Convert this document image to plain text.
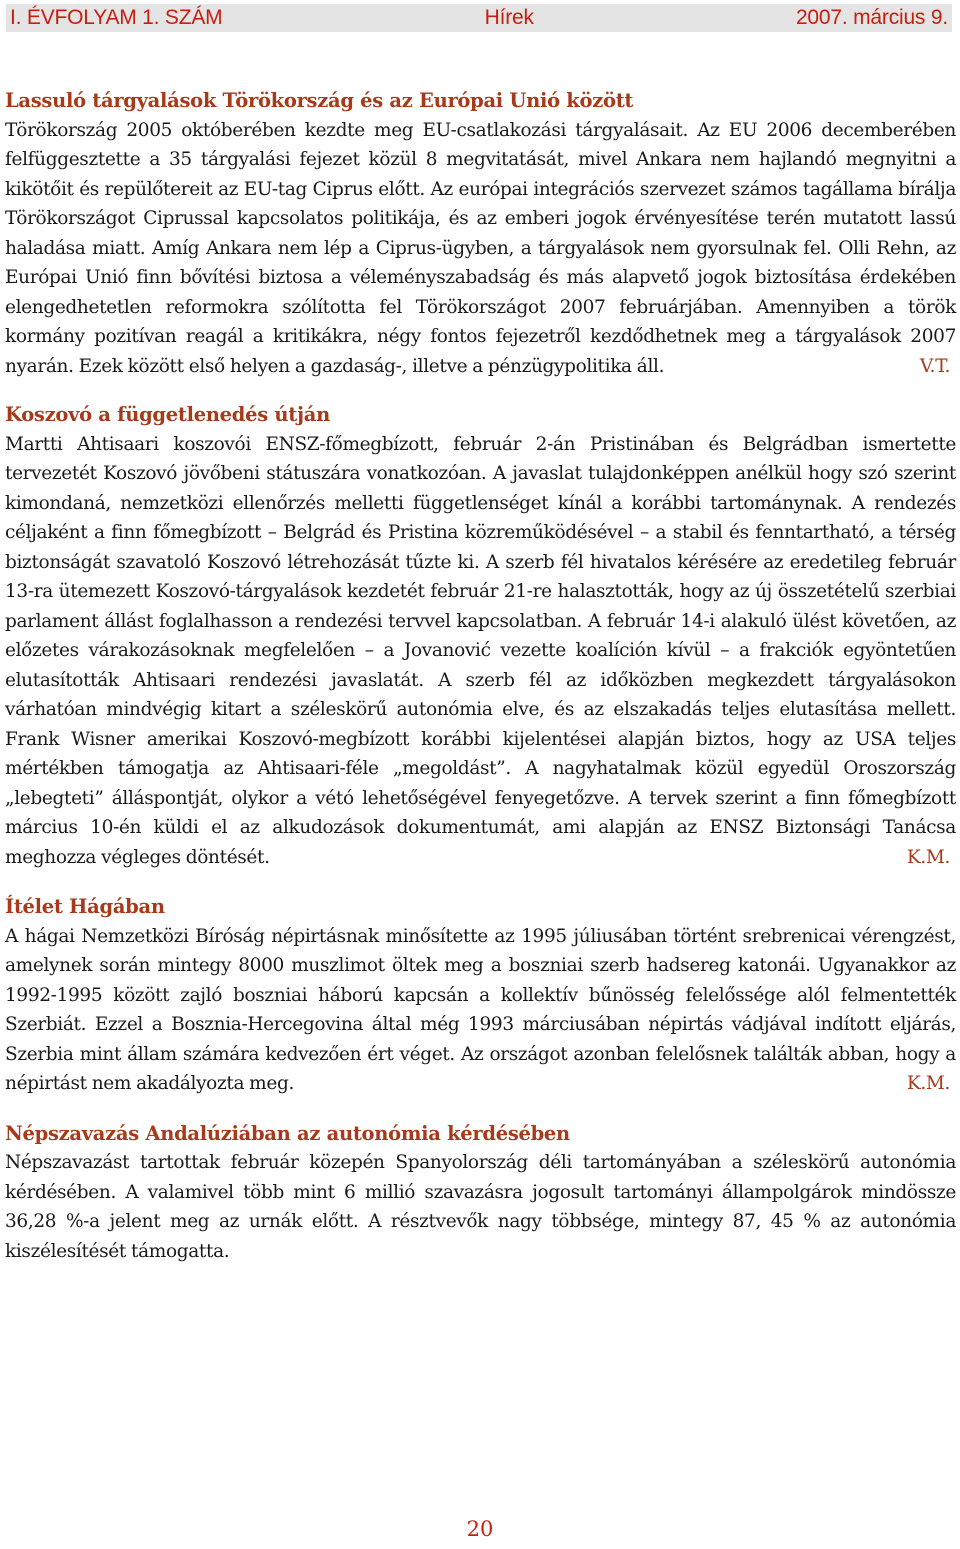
I. ÉVFOLYAM 1. SZÁM	Hírek	2007. március 9.
Lassuló tárgyalások Törökország és az Európai Unió között

Törökország 2005 októberében kezdte meg EU-csatlakozási tárgyalásait. Az EU 2006 decemberében felfüggesztette a 35 tárgyalási fejezet közül 8 megvitatását, mivel Ankara nem hajlandó megnyitni a kikötőit és repülőtereit az EU-tag Ciprus előtt. Az európai integrációs szervezet számos tagállama bírálja Törökországot Ciprussal kapcsolatos politikája, és az emberi jogok érvényesítése terén mutatott lassú haladása miatt. Amíg Ankara nem lép a Ciprus-ügyben, a tárgyalások nem gyorsulnak fel. Olli Rehn, az Európai Unió finn bővítési biztosa a véleményszabadság és más alapvető jogok biztosítása érdekében elengedhetetlen reformokra szólította fel Törökországot 2007 februárjában. Amennyiben a török kormány pozitívan reagál a kritikákra, négy fontos fejezetről kezdődhetnek meg a tárgyalások 2007 nyarán. Ezek között első helyen a gazdaság-, illetve a pénzügypolitika áll.	V.T.

Koszovó a függetlenedés útján

Martti Ahtisaari koszovói ENSZ-főmegbízott, február 2-án Pristinában és Belgrádban ismertette tervezetét Koszovó jövőbeni státuszára vonatkozóan. A javaslat tulajdonképpen anélkül hogy szó szerint kimondaná, nemzetközi ellenőrzés melletti függetlenséget kínál a korábbi tartománynak. A rendezés céljaként a finn főmegbízott – Belgrád és Pristina közreműködésével – a stabil és fenntartható, a térség biztonságát szavatoló Koszovó létrehozását tűzte ki. A szerb fél hivatalos kérésére az eredetileg február 13-ra ütemezett Koszovó-tárgyalások kezdetét február 21-re halasztották, hogy az új összetételű szerbiai parlament állást foglalhasson a rendezési tervvel kapcsolatban. A február 14-i alakuló ülést követően, az előzetes várakozásoknak megfelelően – a Jovanović vezette koalíción kívül – a frakciók egyöntetűen elutasították Ahtisaari rendezési javaslatát. A szerb fél az időközben megkezdett tárgyalásokon várhatóan mindvégig kitart a széleskörű autonómia elve, és az elszakadás teljes elutasítása mellett. Frank Wisner amerikai Koszovó-megbízott korábbi kijelentései alapján biztos, hogy az USA teljes mértékben támogatja az Ahtisaari-féle „megoldást”. A nagyhatalmak közül egyedül Oroszország „lebegteti” álláspontját, olykor a vétó lehetőségével fenyegetőzve. A tervek szerint a finn főmegbízott március 10-én küldi el az alkudozások dokumentumát, ami alapján az ENSZ Biztonsági Tanácsa meghozza végleges döntését.	K.M.

Ítélet Hágában

A hágai Nemzetközi Bíróság népirtásnak minősítette az 1995 júliusában történt srebrenicai vérengzést, amelynek során mintegy 8000 muszlimot öltek meg a boszniai szerb hadsereg katonái. Ugyanakkor az 1992-1995 között zajló boszniai háború kapcsán a kollektív bűnösség felelőssége alól felmentették Szerbiát. Ezzel a Bosznia-Hercegovina által még 1993 márciusában népirtás vádjával indított eljárás, Szerbia mint állam számára kedvezően ért véget. Az országot azonban felelősnek találták abban, hogy a népirtást nem akadályozta meg.	K.M.

Népszavazás Andalúziában az autonómia kérdésében

Népszavazást tartottak február közepén Spanyolország déli tartományában a széleskörű autonómia kérdésében. A valamivel több mint 6 millió szavazásra jogosult tartományi állampolgárok mindössze 36,28 %-a jelent meg az urnák előtt. A résztvevők nagy többsége, mintegy 87, 45 % az autonómia kiszélesítését támogatta.

20
